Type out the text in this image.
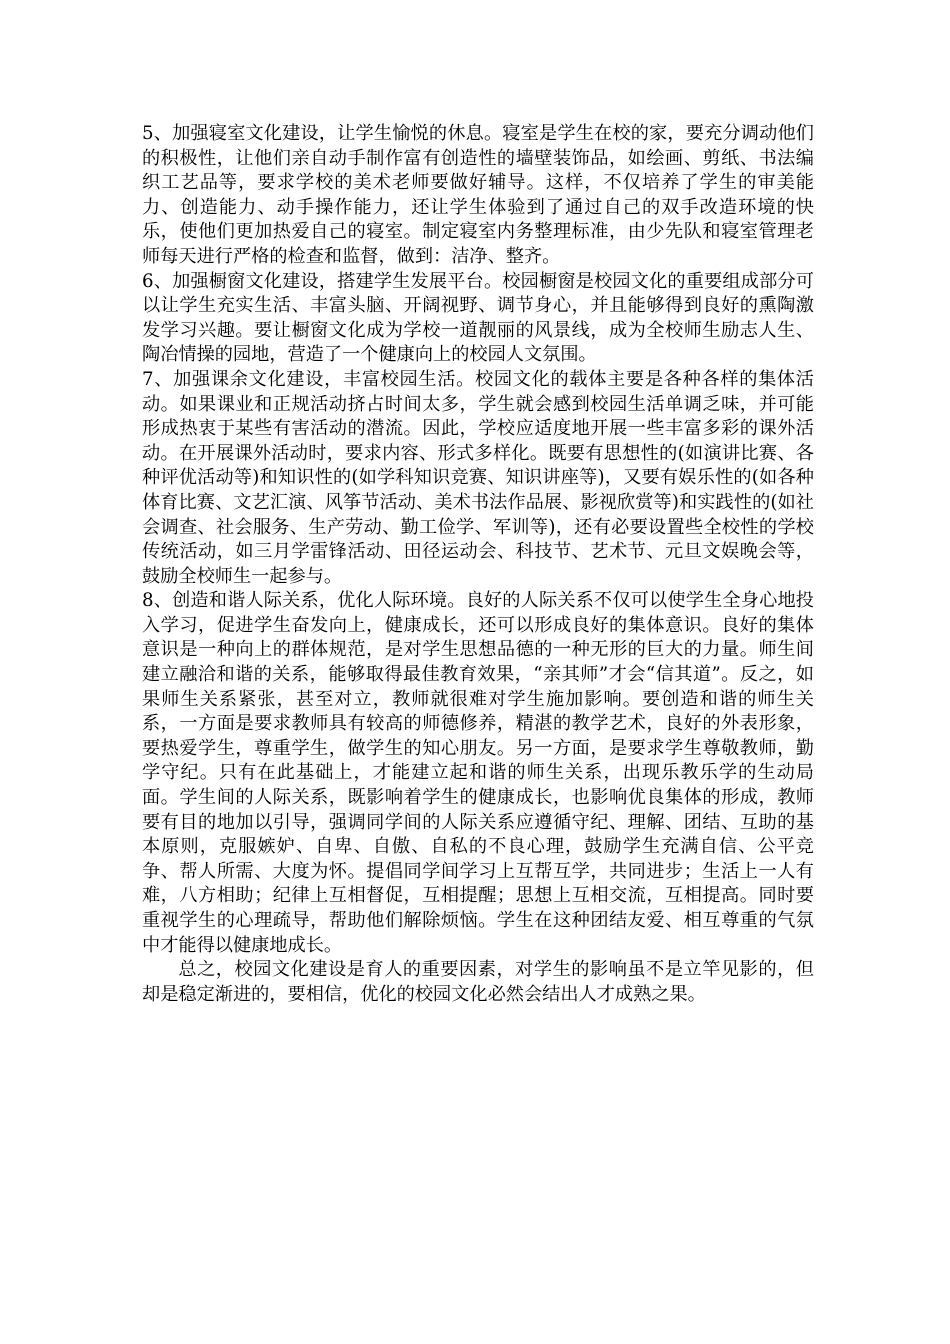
5、加强寝室文化建设，让学生愉悦的休息。寝室是学生在校的家，要充分调动他们的积极性，让他们亲自动手制作富有创造性的墙壁装饰品，如绘画、剪纸、书法编织工艺品等，要求学校的美术老师要做好辅导。这样，不仅培养了学生的审美能力、创造能力、动手操作能力，还让学生体验到了通过自己的双手改造环境的快乐，使他们更加热爱自己的寝室。制定寝室内务整理标准，由少先队和寝室管理老师每天进行严格的检查和监督，做到：洁净、整齐。

6、加强橱窗文化建设，搭建学生发展平台。校园橱窗是校园文化的重要组成部分可以让学生充实生活、丰富头脑、开阔视野、调节身心，并且能够得到良好的熏陶激发学习兴趣。要让橱窗文化成为学校一道靓丽的风景线，成为全校师生励志人生、陶冶情操的园地，营造了一个健康向上的校园人文氛围。

7、加强课余文化建设，丰富校园生活。校园文化的载体主要是各种各样的集体活动。如果课业和正规活动挤占时间太多，学生就会感到校园生活单调乏味，并可能形成热衷于某些有害活动的潜流。因此，学校应适度地开展一些丰富多彩的课外活动。在开展课外活动时，要求内容、形式多样化。既要有思想性的(如演讲比赛、各种评优活动等)和知识性的(如学科知识竞赛、知识讲座等)，又要有娱乐性的(如各种体育比赛、文艺汇演、风筝节活动、美术书法作品展、影视欣赏等)和实践性的(如社会调查、社会服务、生产劳动、勤工俭学、军训等)，还有必要设置些全校性的学校传统活动，如三月学雷锋活动、田径运动会、科技节、艺术节、元旦文娱晚会等，鼓励全校师生一起参与。

8、创造和谐人际关系，优化人际环境。良好的人际关系不仅可以使学生全身心地投入学习，促进学生奋发向上，健康成长，还可以形成良好的集体意识。良好的集体意识是一种向上的群体规范，是对学生思想品德的一种无形的巨大的力量。师生间建立融洽和谐的关系，能够取得最佳教育效果，“亲其师”才会“信其道”。反之，如果师生关系紧张，甚至对立，教师就很难对学生施加影响。要创造和谐的师生关系，一方面是要求教师具有较高的师德修养，精湛的教学艺术，良好的外表形象，要热爱学生，尊重学生，做学生的知心朋友。另一方面，是要求学生尊敬教师，勤学守纪。只有在此基础上，才能建立起和谐的师生关系，出现乐教乐学的生动局面。学生间的人际关系，既影响着学生的健康成长，也影响优良集体的形成，教师要有目的地加以引导，强调同学间的人际关系应遵循守纪、理解、团结、互助的基本原则，克服嫉妒、自卑、自傲、自私的不良心理，鼓励学生充满自信、公平竞争、帮人所需、大度为怀。提倡同学间学习上互帮互学，共同进步；生活上一人有难，八方相助；纪律上互相督促，互相提醒；思想上互相交流，互相提高。同时要重视学生的心理疏导，帮助他们解除烦恼。学生在这种团结友爱、相互尊重的气氛中才能得以健康地成长。

总之，校园文化建设是育人的重要因素，对学生的影响虽不是立竿见影的，但却是稳定渐进的，要相信，优化的校园文化必然会结出人才成熟之果。
